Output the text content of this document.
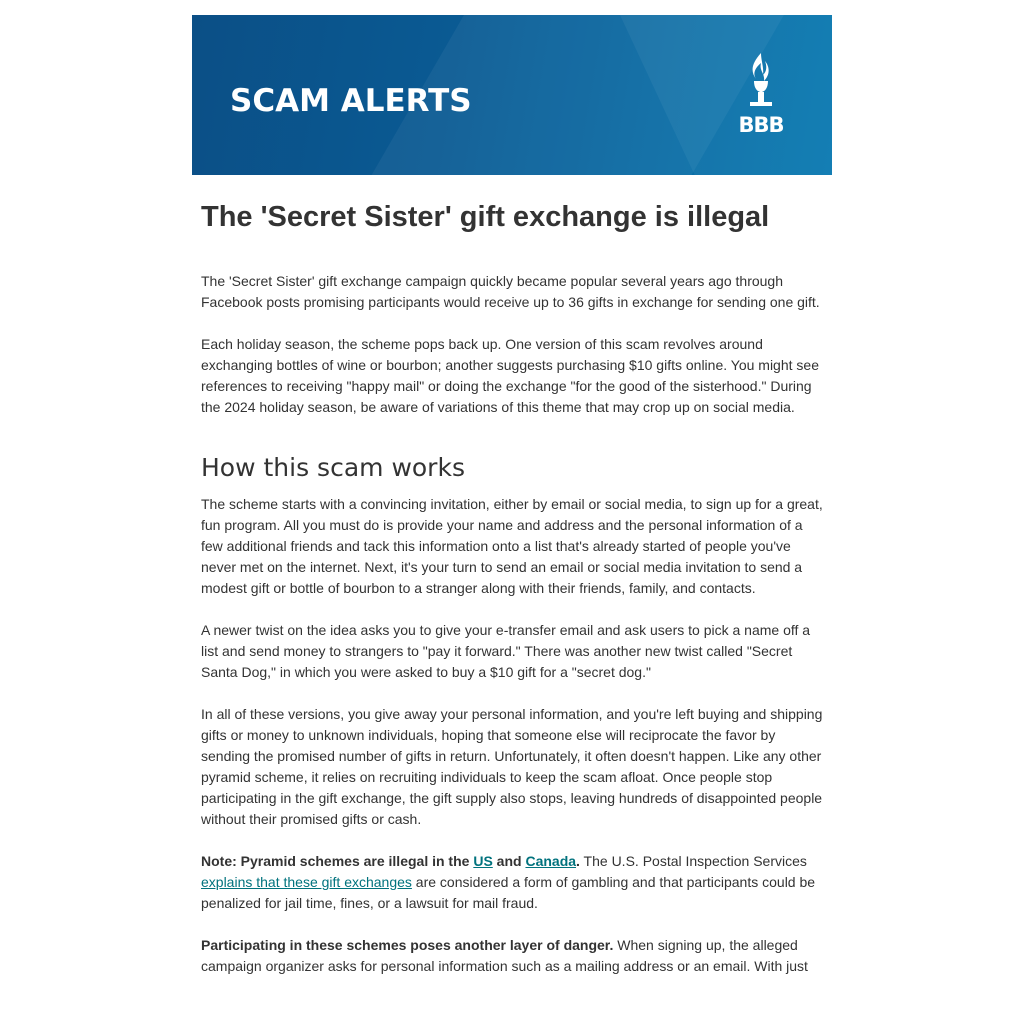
SCAM ALERTS
BBB
The 'Secret Sister' gift exchange is illegal

The 'Secret Sister' gift exchange campaign quickly became popular several years ago through Facebook posts promising participants would receive up to 36 gifts in exchange for sending one gift.

Each holiday season, the scheme pops back up. One version of this scam revolves around exchanging bottles of wine or bourbon; another suggests purchasing $10 gifts online. You might see references to receiving "happy mail" or doing the exchange "for the good of the sisterhood." During the 2024 holiday season, be aware of variations of this theme that may crop up on social media.

How this scam works

The scheme starts with a convincing invitation, either by email or social media, to sign up for a great, fun program. All you must do is provide your name and address and the personal information of a few additional friends and tack this information onto a list that's already started of people you've never met on the internet. Next, it's your turn to send an email or social media invitation to send a modest gift or bottle of bourbon to a stranger along with their friends, family, and contacts.

A newer twist on the idea asks you to give your e-transfer email and ask users to pick a name off a list and send money to strangers to "pay it forward." There was another new twist called "Secret Santa Dog," in which you were asked to buy a $10 gift for a "secret dog."

In all of these versions, you give away your personal information, and you're left buying and shipping gifts or money to unknown individuals, hoping that someone else will reciprocate the favor by sending the promised number of gifts in return. Unfortunately, it often doesn't happen. Like any other pyramid scheme, it relies on recruiting individuals to keep the scam afloat. Once people stop participating in the gift exchange, the gift supply also stops, leaving hundreds of disappointed people without their promised gifts or cash.

Note: Pyramid schemes are illegal in the US and Canada. The U.S. Postal Inspection Services explains that these gift exchanges are considered a form of gambling and that participants could be penalized for jail time, fines, or a lawsuit for mail fraud.

Participating in these schemes poses another layer of danger. When signing up, the alleged campaign organizer asks for personal information such as a mailing address or an email. With just
